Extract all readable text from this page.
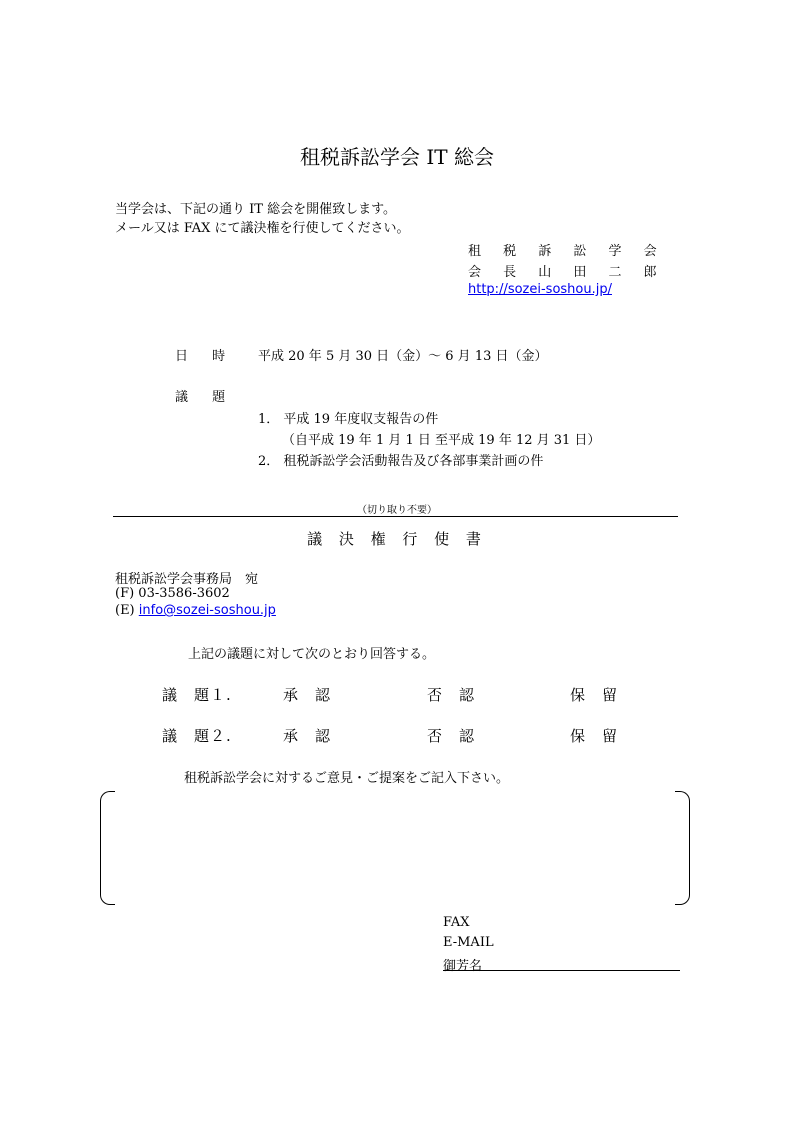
租税訴訟学会 IT 総会
当学会は、下記の通り IT 総会を開催致します。
メール又は FAX にて議決権を行使してください。
租 税 訴 訟 学 会
会 長 山 田 二 郎
http://sozei-soshou.jp/
日 時 平成 20 年 5 月 30 日（金）～ 6 月 13 日（金）
議 題
1． 平成 19 年度収支報告の件
（自平成 19 年 1 月 1 日 至平成 19 年 12 月 31 日）
2． 租税訴訟学会活動報告及び各部事業計画の件
（切り取り不要）
議 決 権 行 使 書
租税訴訟学会事務局　宛
(F) 03-3586-3602
(E) info@sozei-soshou.jp
上記の議題に対して次のとおり回答する。
議　題１.	承　認	否　認	保　留
議　題２.	承　認	否　認	保　留
租税訴訟学会に対するご意見・ご提案をご記入下さい。
FAX
E-MAIL
御芳名
